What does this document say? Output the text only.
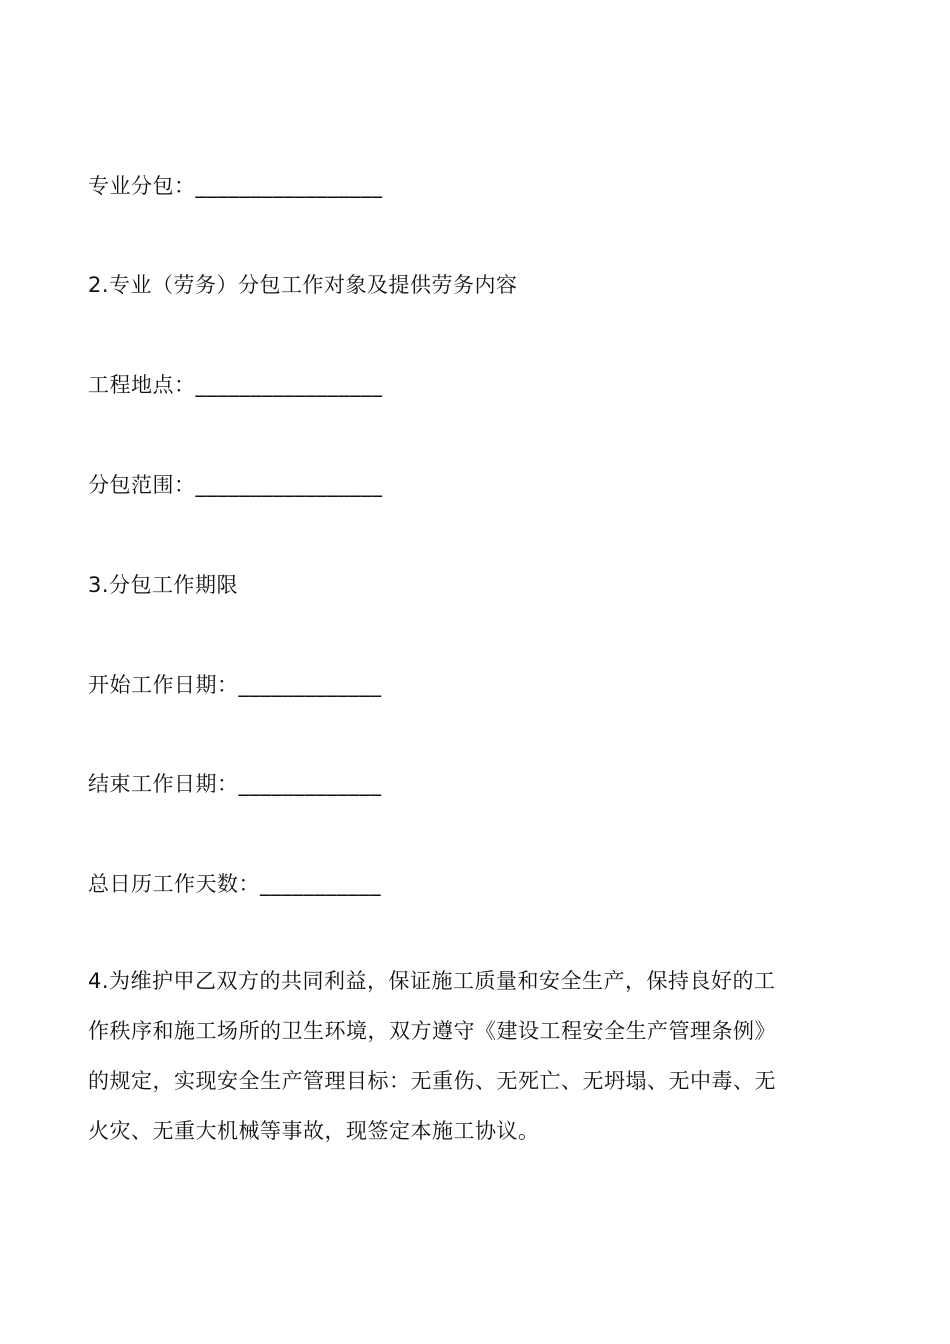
专业分包：_________________
2.专业（劳务）分包工作对象及提供劳务内容
工程地点：_________________
分包范围：_________________
3.分包工作期限
开始工作日期：_____________
结束工作日期：_____________
总日历工作天数：___________
4.为维护甲乙双方的共同利益，保证施工质量和安全生产，保持良好的工
作秩序和施工场所的卫生环境，双方遵守《建设工程安全生产管理条例》
的规定，实现安全生产管理目标：无重伤、无死亡、无坍塌、无中毒、无
火灾、无重大机械等事故，现签定本施工协议。
